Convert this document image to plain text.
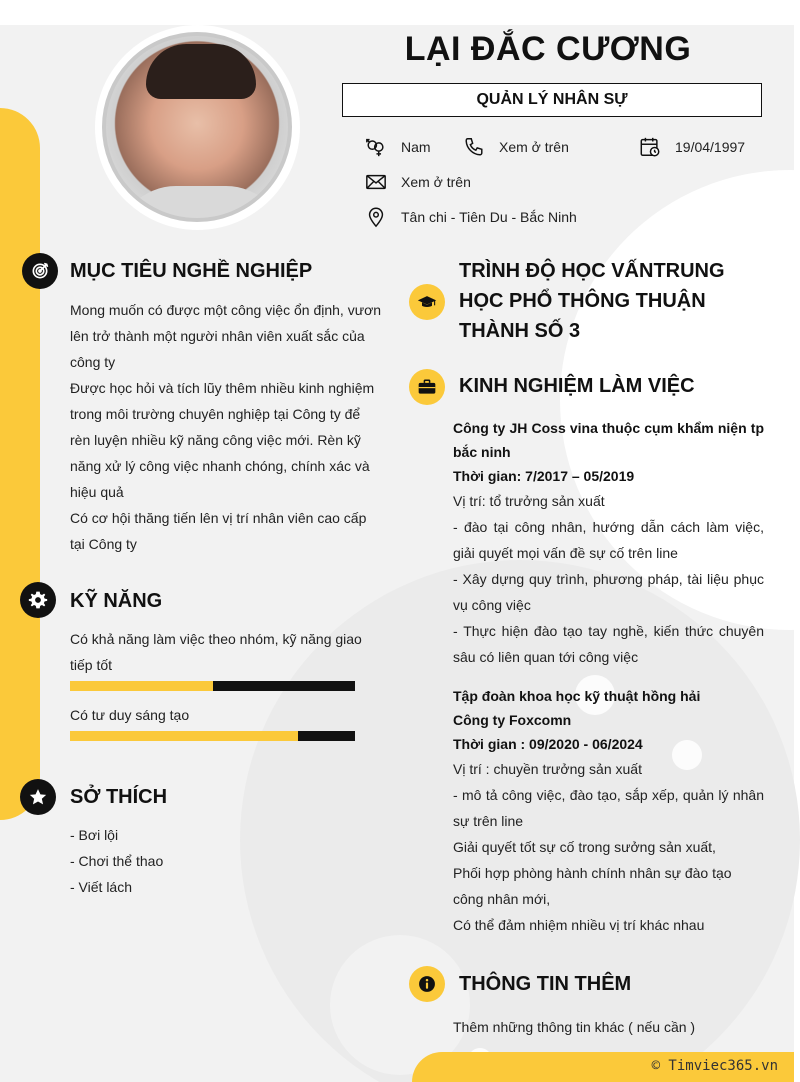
© Timviec365.vn
LẠI ĐẮC CƯƠNG
QUẢN LÝ NHÂN SỰ
Nam	Xem ở trên	19/04/1997
Xem ở trên
Tân chi - Tiên Du - Bắc Ninh
MỤC TIÊU NGHỀ NGHIỆP

Mong muốn có được một công việc ổn định, vươn lên trở thành một người nhân viên xuất sắc của công ty

Được học hỏi và tích lũy thêm nhiều kinh nghiệm trong môi trường chuyên nghiệp tại Công ty để rèn luyện nhiều kỹ năng công việc mới. Rèn kỹ năng xử lý công việc nhanh chóng, chính xác và hiệu quả

Có cơ hội thăng tiến lên vị trí nhân viên cao cấp tại Công ty

KỸ NĂNG
Có khả năng làm việc theo nhóm, kỹ năng giao tiếp tốt
Có tư duy sáng tạo
SỞ THÍCH

- Bơi lội

- Chơi thể thao

- Viết lách

TRÌNH ĐỘ HỌC VẤNTRUNG
HỌC PHỔ THÔNG THUẬN
THÀNH SỐ 3
KINH NGHIỆM LÀM VIỆC
Công ty JH Coss vina thuộc cụm khẩm niện tp bắc ninh
Thời gian: 7/2017 – 05/2019
Vị trí: tổ trưởng sản xuất
- đào tại công nhân, hướng dẫn cách làm việc, giải quyết mọi vấn đề sự cố trên line
- Xây dựng quy trình, phương pháp, tài liệu phục vụ công việc
- Thực hiện đào tạo tay nghề, kiến thức chuyên sâu có liên quan tới công việc
Tập đoàn khoa học kỹ thuật hồng hải
Công ty Foxcomn
Thời gian : 09/2020 - 06/2024
Vị trí : chuyền trưởng sản xuất
- mô tả công việc, đào tạo, sắp xếp, quản lý nhân sự trên line
Giải quyết tốt sự cố trong sưởng sản xuất,
Phối hợp phòng hành chính nhân sự đào tạo công nhân mới,
Có thể đảm nhiệm nhiều vị trí khác nhau
THÔNG TIN THÊM
Thêm những thông tin khác ( nếu cần )
